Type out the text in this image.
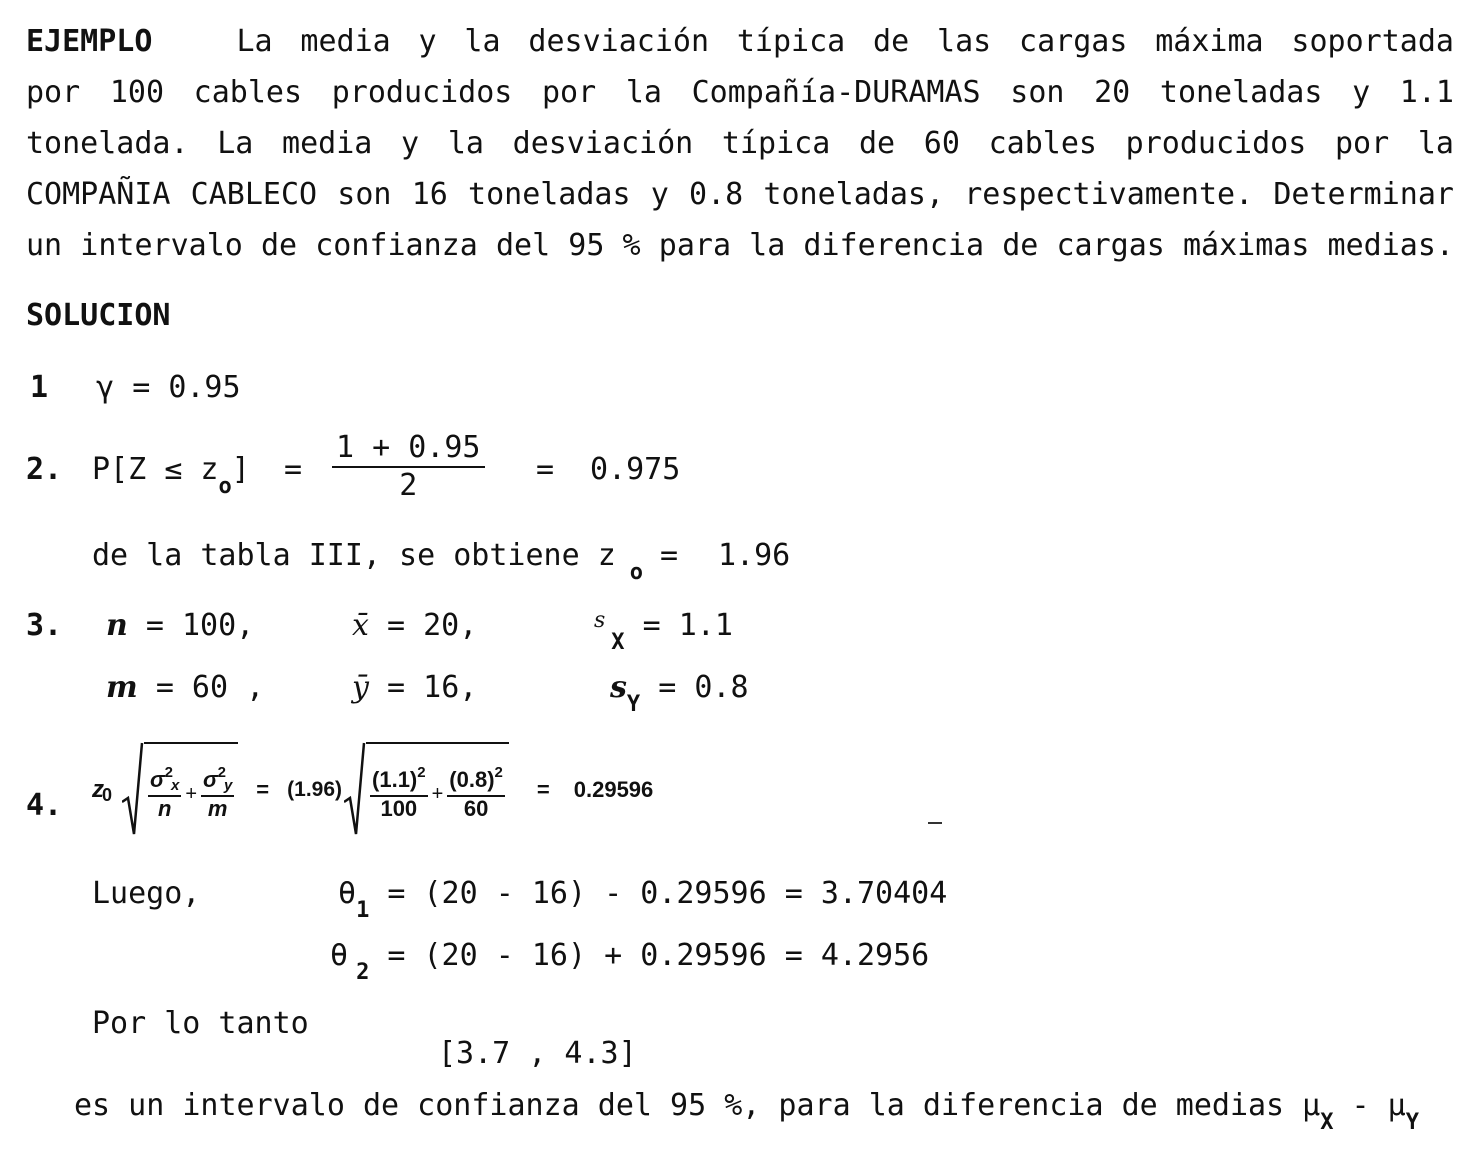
EJEMPLO	La media y la desviación típica de las cargas máxima soportada
por 100 cables producidos por la Compañía-DURAMAS son 20 toneladas y 1.1
tonelada. La media y la desviación típica de 60 cables producidos por la
COMPAÑIA CABLECO son 16 toneladas y 0.8 toneladas, respectivamente. Determinar
un intervalo de confianza del 95 % para la diferencia de cargas máximas medias.
SOLUCION
1 γ = 0.95
2. $P[Z \le z_o] = \frac{1 + 0.95}{2} = 0.975$
de la tabla III, se obtiene z $_o$ = 1.96
3. n = 100,	x̄ = 20,	$^s_X$ = 1.1
m = 60 ,	ȳ = 16,	$s_Y = 0.8$
4. $z0 \frac{\sigma^2x}{n} + \frac{\sigma^2y}{m} = (1.96) \frac{(1.1)^2}{100} + \frac{(0.8)^2}{60} = 0.29596$
Luego,	$\theta_1 = (20 - 16) - 0.29596 = 3.70404$
θ $_2$ = (20 - 16) + 0.29596 = 4.2956
Por lo tanto
[3.7 , 4.3]
es un intervalo de confianza del 95 %, para la diferencia de medias $\mu_X - \mu_Y$
